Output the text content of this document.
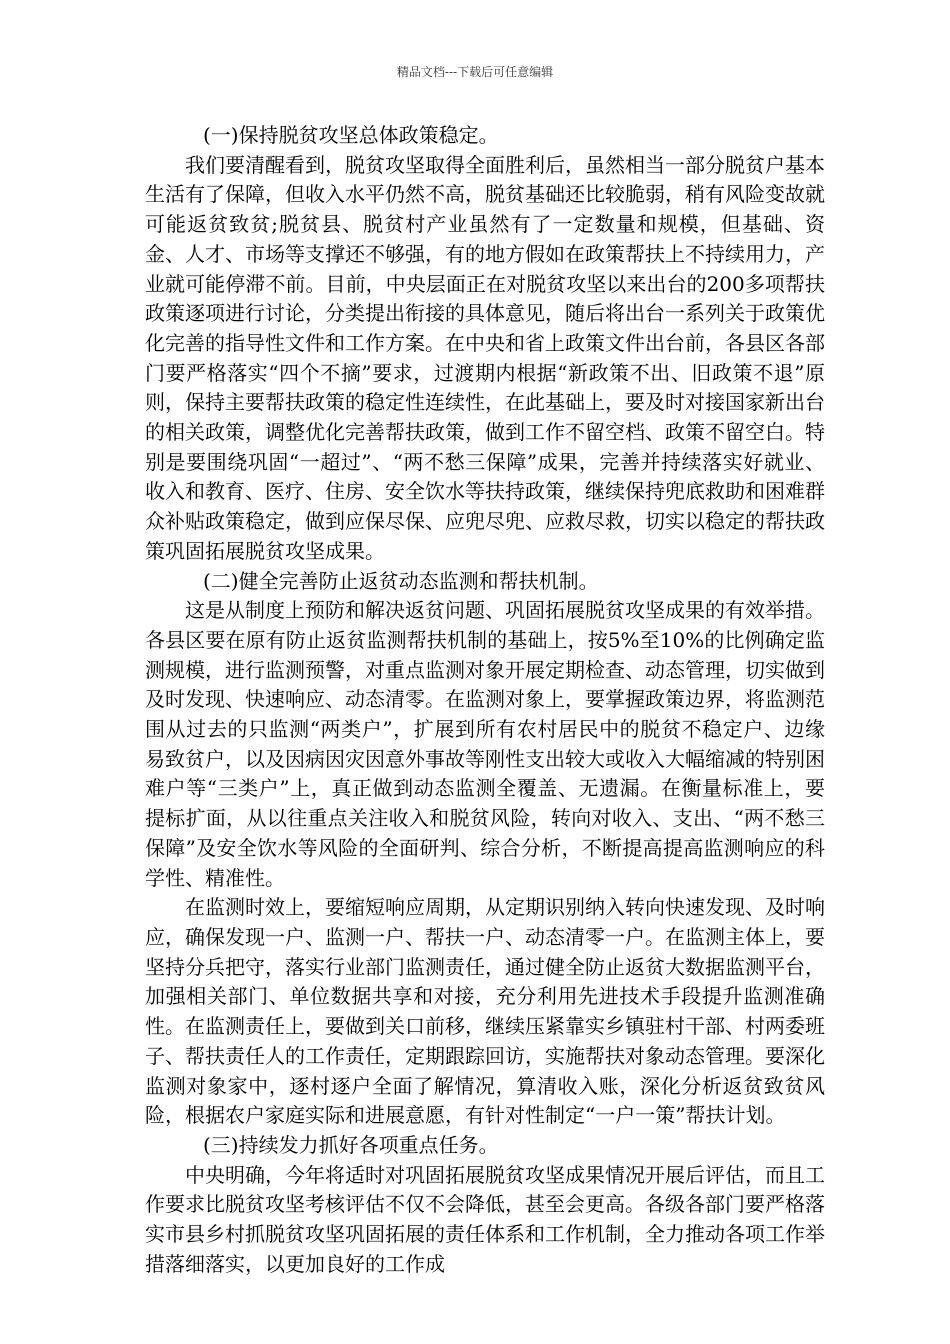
精品文档---下载后可任意编辑

(一)保持脱贫攻坚总体政策稳定。

我们要清醒看到，脱贫攻坚取得全面胜利后，虽然相当一部分脱贫户基本生活有了保障，但收入水平仍然不高，脱贫基础还比较脆弱，稍有风险变故就可能返贫致贫;脱贫县、脱贫村产业虽然有了一定数量和规模，但基础、资金、人才、市场等支撑还不够强，有的地方假如在政策帮扶上不持续用力，产业就可能停滞不前。目前，中央层面正在对脱贫攻坚以来出台的200多项帮扶政策逐项进行讨论，分类提出衔接的具体意见，随后将出台一系列关于政策优化完善的指导性文件和工作方案。在中央和省上政策文件出台前，各县区各部门要严格落实“四个不摘”要求，过渡期内根据“新政策不出、旧政策不退”原则，保持主要帮扶政策的稳定性连续性，在此基础上，要及时对接国家新出台的相关政策，调整优化完善帮扶政策，做到工作不留空档、政策不留空白。特别是要围绕巩固“一超过”、“两不愁三保障”成果，完善并持续落实好就业、收入和教育、医疗、住房、安全饮水等扶持政策，继续保持兜底救助和困难群众补贴政策稳定，做到应保尽保、应兜尽兜、应救尽救，切实以稳定的帮扶政策巩固拓展脱贫攻坚成果。

(二)健全完善防止返贫动态监测和帮扶机制。

这是从制度上预防和解决返贫问题、巩固拓展脱贫攻坚成果的有效举措。各县区要在原有防止返贫监测帮扶机制的基础上，按5%至10%的比例确定监测规模，进行监测预警，对重点监测对象开展定期检查、动态管理，切实做到及时发现、快速响应、动态清零。在监测对象上，要掌握政策边界，将监测范围从过去的只监测“两类户”，扩展到所有农村居民中的脱贫不稳定户、边缘易致贫户，以及因病因灾因意外事故等刚性支出较大或收入大幅缩减的特别困难户等“三类户”上，真正做到动态监测全覆盖、无遗漏。在衡量标准上，要提标扩面，从以往重点关注收入和脱贫风险，转向对收入、支出、“两不愁三保障”及安全饮水等风险的全面研判、综合分析，不断提高提高监测响应的科学性、精准性。

在监测时效上，要缩短响应周期，从定期识别纳入转向快速发现、及时响应，确保发现一户、监测一户、帮扶一户、动态清零一户。在监测主体上，要坚持分兵把守，落实行业部门监测责任，通过健全防止返贫大数据监测平台，加强相关部门、单位数据共享和对接，充分利用先进技术手段提升监测准确性。在监测责任上，要做到关口前移，继续压紧靠实乡镇驻村干部、村两委班子、帮扶责任人的工作责任，定期跟踪回访，实施帮扶对象动态管理。要深化监测对象家中，逐村逐户全面了解情况，算清收入账，深化分析返贫致贫风险，根据农户家庭实际和进展意愿，有针对性制定“一户一策”帮扶计划。

(三)持续发力抓好各项重点任务。

中央明确，今年将适时对巩固拓展脱贫攻坚成果情况开展后评估，而且工作要求比脱贫攻坚考核评估不仅不会降低，甚至会更高。各级各部门要严格落实市县乡村抓脱贫攻坚巩固拓展的责任体系和工作机制，全力推动各项工作举措落细落实，以更加良好的工作成
